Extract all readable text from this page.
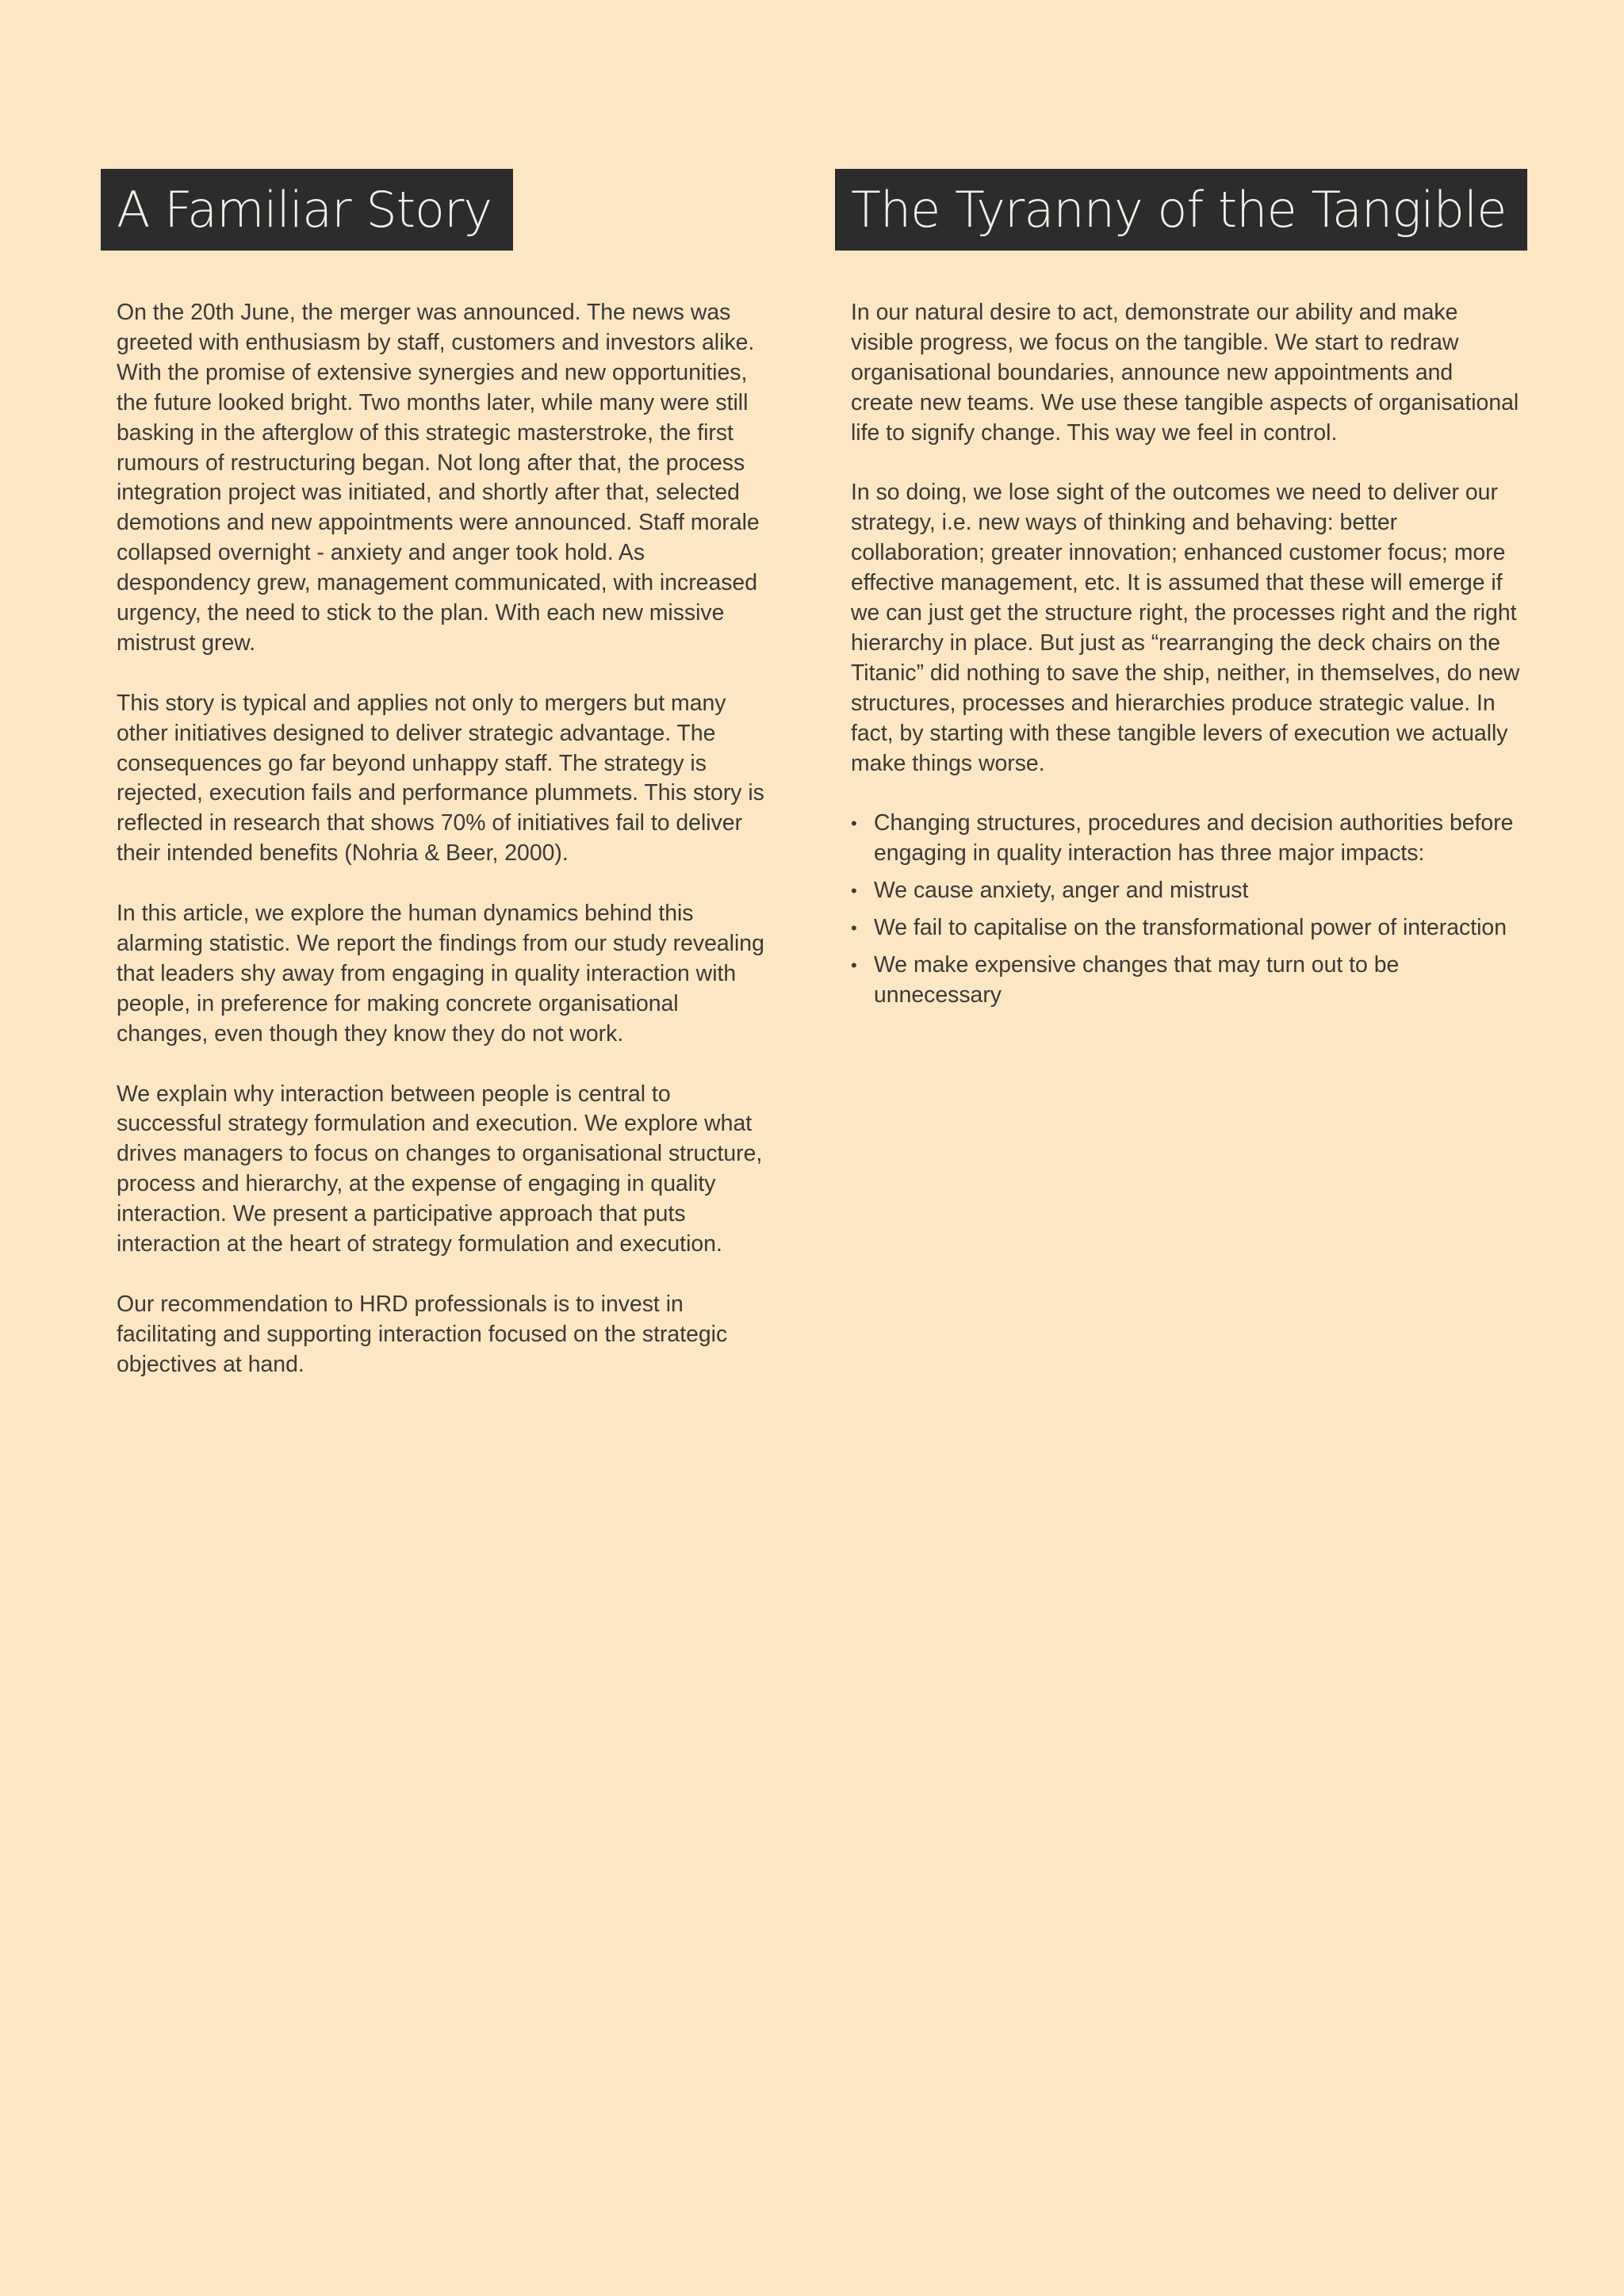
A Familiar Story

On the 20th June, the merger was announced. The news was greeted with enthusiasm by staff, customers and investors alike. With the promise of extensive synergies and new opportunities, the future looked bright. Two months later, while many were still basking in the afterglow of this strategic masterstroke, the first rumours of restructuring began. Not long after that, the process integration project was initiated, and shortly after that, selected demotions and new appointments were announced. Staff morale collapsed overnight - anxiety and anger took hold. As despondency grew, management communicated, with increased urgency, the need to stick to the plan. With each new missive mistrust grew.

This story is typical and applies not only to mergers but many other initiatives designed to deliver strategic advantage. The consequences go far beyond unhappy staff. The strategy is rejected, execution fails and performance plummets. This story is reflected in research that shows 70% of initiatives fail to deliver their intended benefits (Nohria & Beer, 2000).

In this article, we explore the human dynamics behind this alarming statistic. We report the findings from our study revealing that leaders shy away from engaging in quality interaction with people, in preference for making concrete organisational changes, even though they know they do not work.

We explain why interaction between people is central to successful strategy formulation and execution. We explore what drives managers to focus on changes to organisational structure, process and hierarchy, at the expense of engaging in quality interaction. We present a participative approach that puts interaction at the heart of strategy formulation and execution.

Our recommendation to HRD professionals is to invest in facilitating and supporting interaction focused on the strategic objectives at hand.

The Tyranny of the Tangible

In our natural desire to act, demonstrate our ability and make visible progress, we focus on the tangible. We start to redraw organisational boundaries, announce new appointments and create new teams. We use these tangible aspects of organisational life to signify change. This way we feel in control.

In so doing, we lose sight of the outcomes we need to deliver our strategy, i.e. new ways of thinking and behaving: better collaboration; greater innovation; enhanced customer focus; more effective management, etc. It is assumed that these will emerge if we can just get the structure right, the processes right and the right hierarchy in place. But just as “rearranging the deck chairs on the Titanic” did nothing to save the ship, neither, in themselves, do new structures, processes and hierarchies produce strategic value. In fact, by starting with these tangible levers of execution we actually make things worse.

• Changing structures, procedures and decision authorities before engaging in quality interaction has three major impacts:
• We cause anxiety, anger and mistrust
• We fail to capitalise on the transformational power of interaction
• We make expensive changes that may turn out to be unnecessary
